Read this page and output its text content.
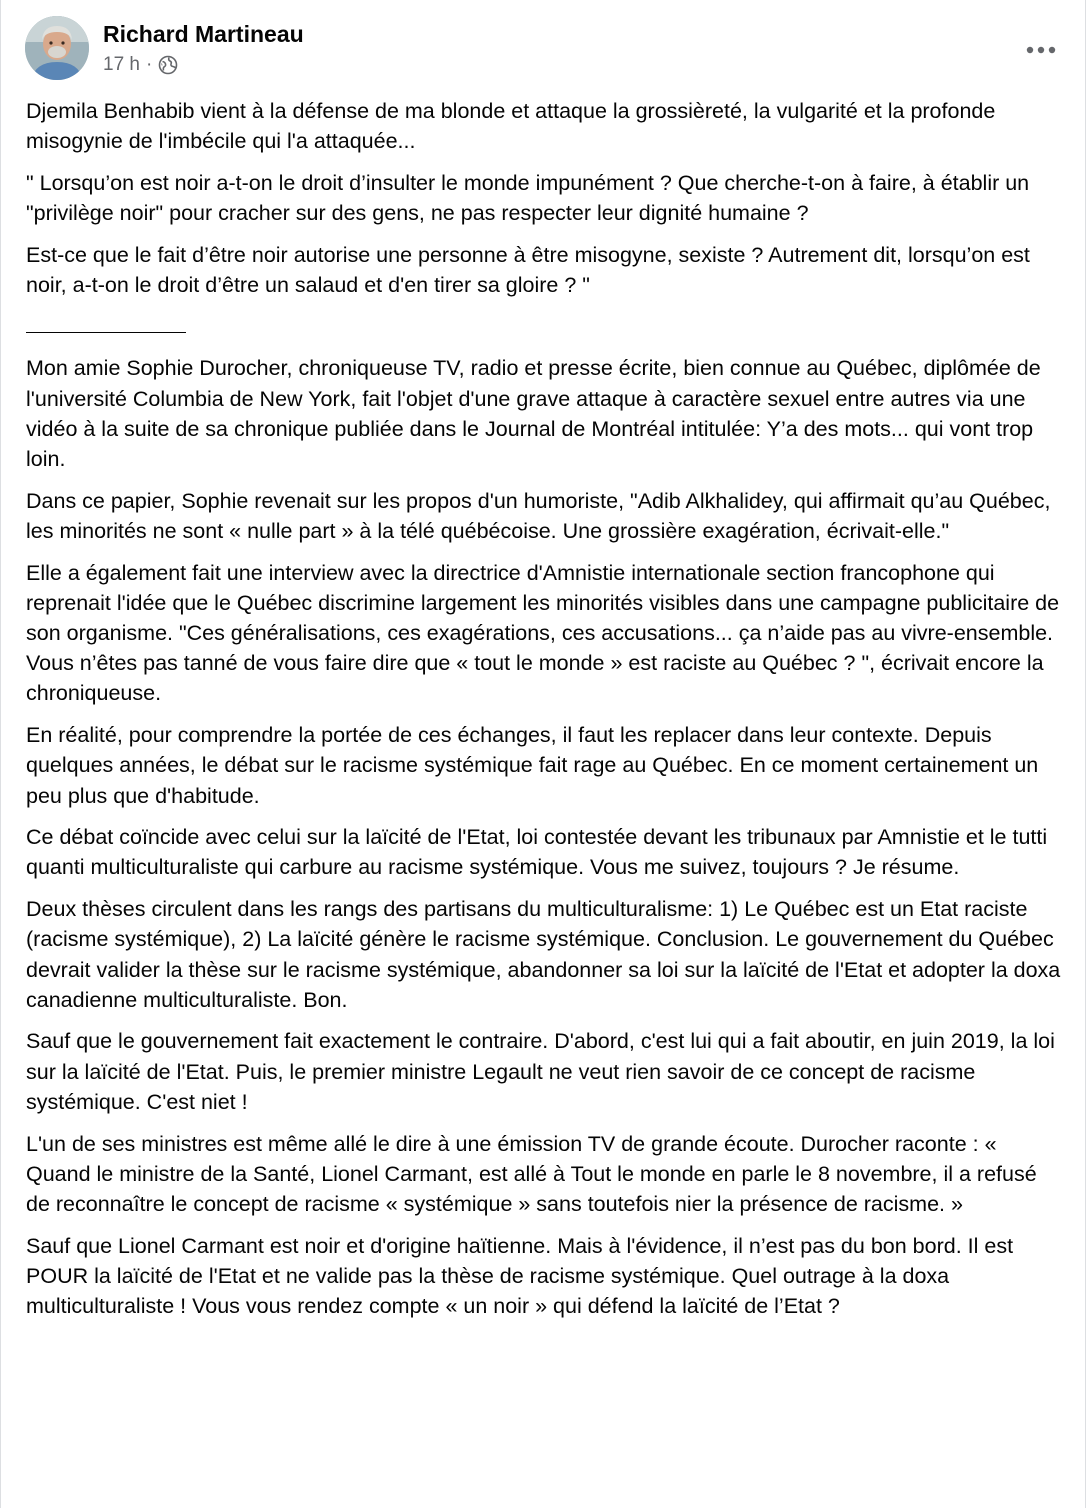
Richard Martineau
17 h ·

Djemila Benhabib vient à la défense de ma blonde et attaque la grossièreté, la vulgarité et la profonde misogynie de l'imbécile qui l'a attaquée...

" Lorsqu’on est noir a-t-on le droit d’insulter le monde impunément ? Que cherche-t-on à faire, à établir un "privilège noir" pour cracher sur des gens, ne pas respecter leur dignité humaine ?

Est-ce que le fait d’être noir autorise une personne à être misogyne, sexiste ? Autrement dit, lorsqu’on est noir, a-t-on le droit d’être un salaud et d'en tirer sa gloire ? "

Mon amie Sophie Durocher, chroniqueuse TV, radio et presse écrite, bien connue au Québec, diplômée de l'université Columbia de New York, fait l'objet d'une grave attaque à caractère sexuel entre autres via une vidéo à la suite de sa chronique publiée dans le Journal de Montréal intitulée: Y’a des mots... qui vont trop loin.

Dans ce papier, Sophie revenait sur les propos d'un humoriste, "Adib Alkhalidey, qui affirmait qu’au Québec, les minorités ne sont « nulle part » à la télé québécoise. Une grossière exagération, écrivait-elle."

Elle a également fait une interview avec la directrice d'Amnistie internationale section francophone qui reprenait l'idée que le Québec discrimine largement les minorités visibles dans une campagne publicitaire de son organisme. "Ces généralisations, ces exagérations, ces accusations... ça n’aide pas au vivre-ensemble. Vous n’êtes pas tanné de vous faire dire que « tout le monde » est raciste au Québec ? ", écrivait encore la chroniqueuse.

En réalité, pour comprendre la portée de ces échanges, il faut les replacer dans leur contexte. Depuis quelques années, le débat sur le racisme systémique fait rage au Québec. En ce moment certainement un peu plus que d'habitude.

Ce débat coïncide avec celui sur la laïcité de l'Etat, loi contestée devant les tribunaux par Amnistie et le tutti quanti multiculturaliste qui carbure au racisme systémique. Vous me suivez, toujours ? Je résume.

Deux thèses circulent dans les rangs des partisans du multiculturalisme: 1) Le Québec est un Etat raciste (racisme systémique), 2) La laïcité génère le racisme systémique. Conclusion. Le gouvernement du Québec devrait valider la thèse sur le racisme systémique, abandonner sa loi sur la laïcité de l'Etat et adopter la doxa canadienne multiculturaliste. Bon.

Sauf que le gouvernement fait exactement le contraire. D'abord, c'est lui qui a fait aboutir, en juin 2019, la loi sur la laïcité de l'Etat. Puis, le premier ministre Legault ne veut rien savoir de ce concept de racisme systémique. C'est niet !

L'un de ses ministres est même allé le dire à une émission TV de grande écoute. Durocher raconte : « Quand le ministre de la Santé, Lionel Carmant, est allé à Tout le monde en parle le 8 novembre, il a refusé de reconnaître le concept de racisme « systémique » sans toutefois nier la présence de racisme. »

Sauf que Lionel Carmant est noir et d'origine haïtienne. Mais à l'évidence, il n’est pas du bon bord. Il est POUR la laïcité de l'Etat et ne valide pas la thèse de racisme systémique. Quel outrage à la doxa multiculturaliste ! Vous vous rendez compte « un noir » qui défend la laïcité de l’Etat ?
